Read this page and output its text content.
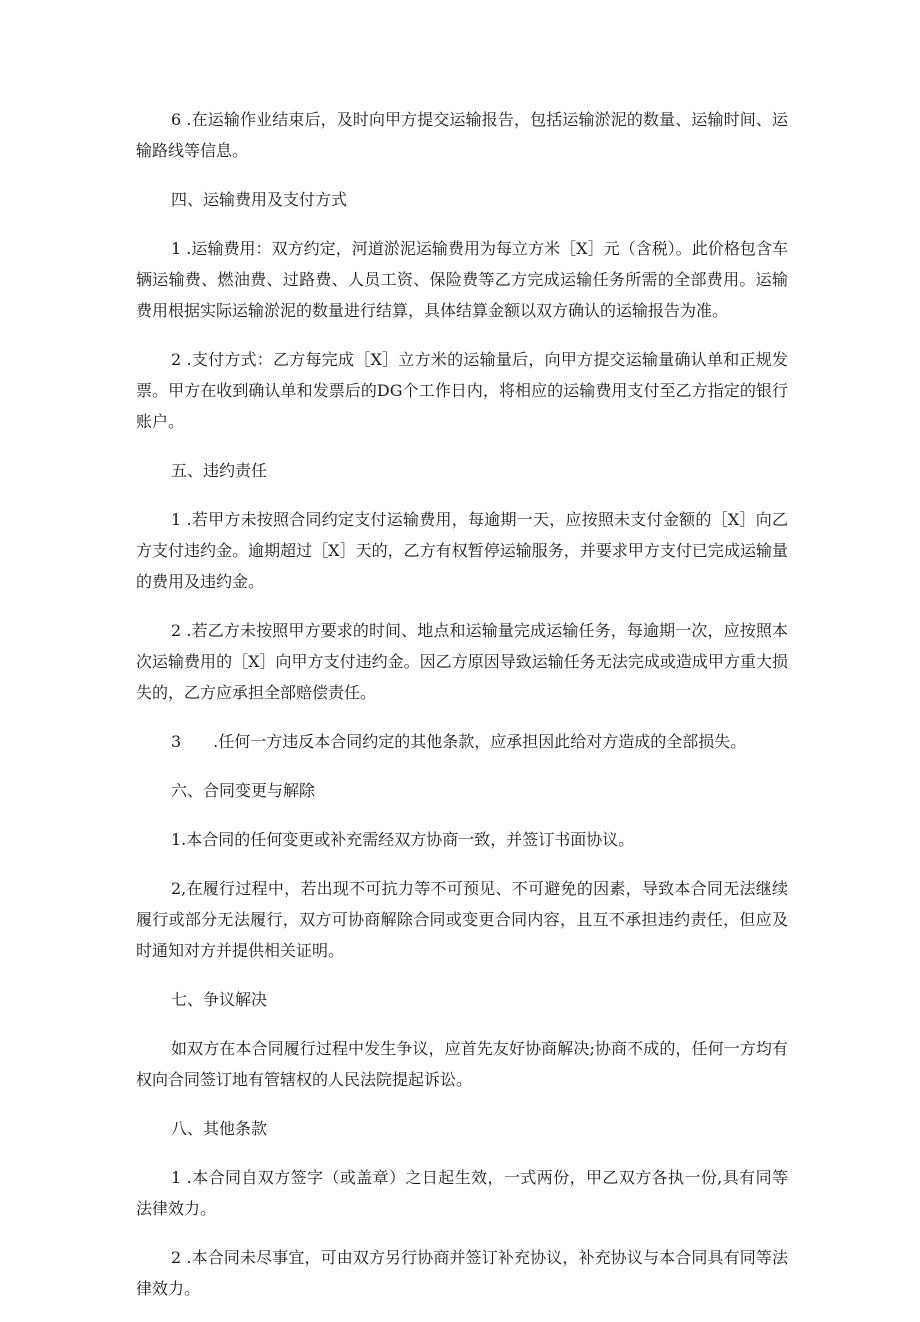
6 .在运输作业结束后，及时向甲方提交运输报告，包括运输淤泥的数量、运输时间、运输路线等信息。

四、运输费用及支付方式

1 .运输费用：双方约定，河道淤泥运输费用为每立方米［X］元（含税）。此价格包含车辆运输费、燃油费、过路费、人员工资、保险费等乙方完成运输任务所需的全部费用。运输费用根据实际运输淤泥的数量进行结算，具体结算金额以双方确认的运输报告为准。

2 .支付方式：乙方每完成［X］立方米的运输量后，向甲方提交运输量确认单和正规发票。甲方在收到确认单和发票后的DG个工作日内，将相应的运输费用支付至乙方指定的银行账户。

五、违约责任

1 .若甲方未按照合同约定支付运输费用，每逾期一天，应按照未支付金额的［X］向乙方支付违约金。逾期超过［X］天的，乙方有权暂停运输服务，并要求甲方支付已完成运输量的费用及违约金。

2 .若乙方未按照甲方要求的时间、地点和运输量完成运输任务，每逾期一次，应按照本次运输费用的［X］向甲方支付违约金。因乙方原因导致运输任务无法完成或造成甲方重大损失的，乙方应承担全部赔偿责任。

3　　.任何一方违反本合同约定的其他条款，应承担因此给对方造成的全部损失。

六、合同变更与解除

1.本合同的任何变更或补充需经双方协商一致，并签订书面协议。

2,在履行过程中，若出现不可抗力等不可预见、不可避免的因素，导致本合同无法继续履行或部分无法履行，双方可协商解除合同或变更合同内容，且互不承担违约责任，但应及时通知对方并提供相关证明。

七、争议解决

如双方在本合同履行过程中发生争议，应首先友好协商解决;协商不成的，任何一方均有权向合同签订地有管辖权的人民法院提起诉讼。

八、其他条款

1 .本合同自双方签字（或盖章）之日起生效，一式两份，甲乙双方各执一份,具有同等法律效力。

2 .本合同未尽事宜，可由双方另行协商并签订补充协议，补充协议与本合同具有同等法律效力。
